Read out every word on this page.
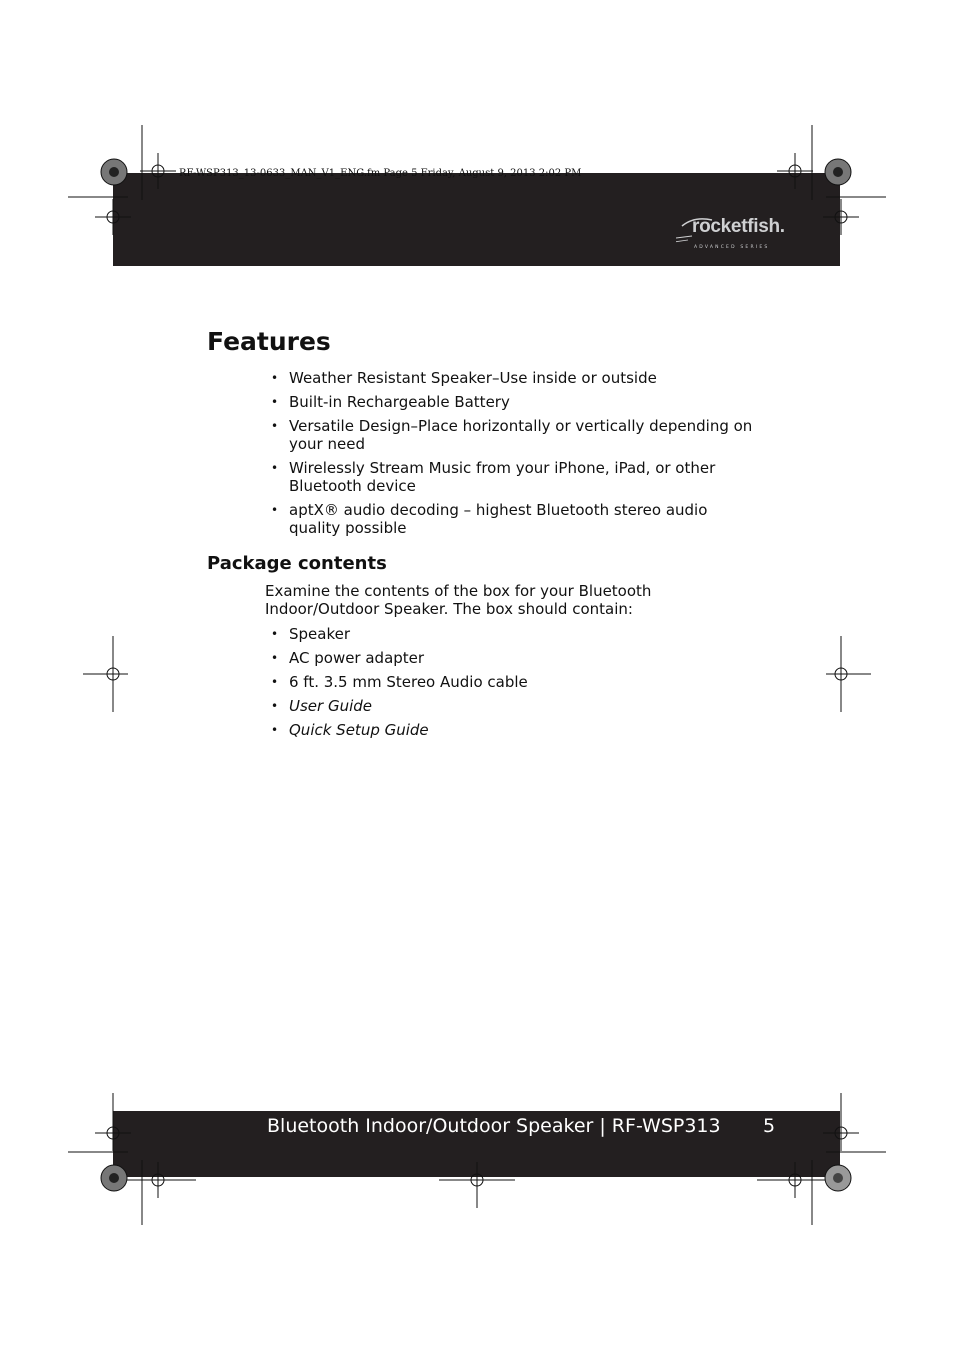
RF-WSP313_13-0633_MAN_V1_ENG.fm Page 5 Friday, August 9, 2013 2:02 PM
rocketfish.
ADVANCED SERIES
Features
• Weather Resistant Speaker–Use inside or outside
• Built-in Rechargeable Battery
• Versatile Design–Place horizontally or vertically depending on your need
• Wirelessly Stream Music from your iPhone, iPad, or other Bluetooth device
• aptX® audio decoding – highest Bluetooth stereo audio quality possible
Package contents

Examine the contents of the box for your Bluetooth Indoor/Outdoor Speaker. The box should contain:

• Speaker
• AC power adapter
• 6 ft. 3.5 mm Stereo Audio cable
• User Guide
• Quick Setup Guide
Bluetooth Indoor/Outdoor Speaker | RF-WSP313 5
